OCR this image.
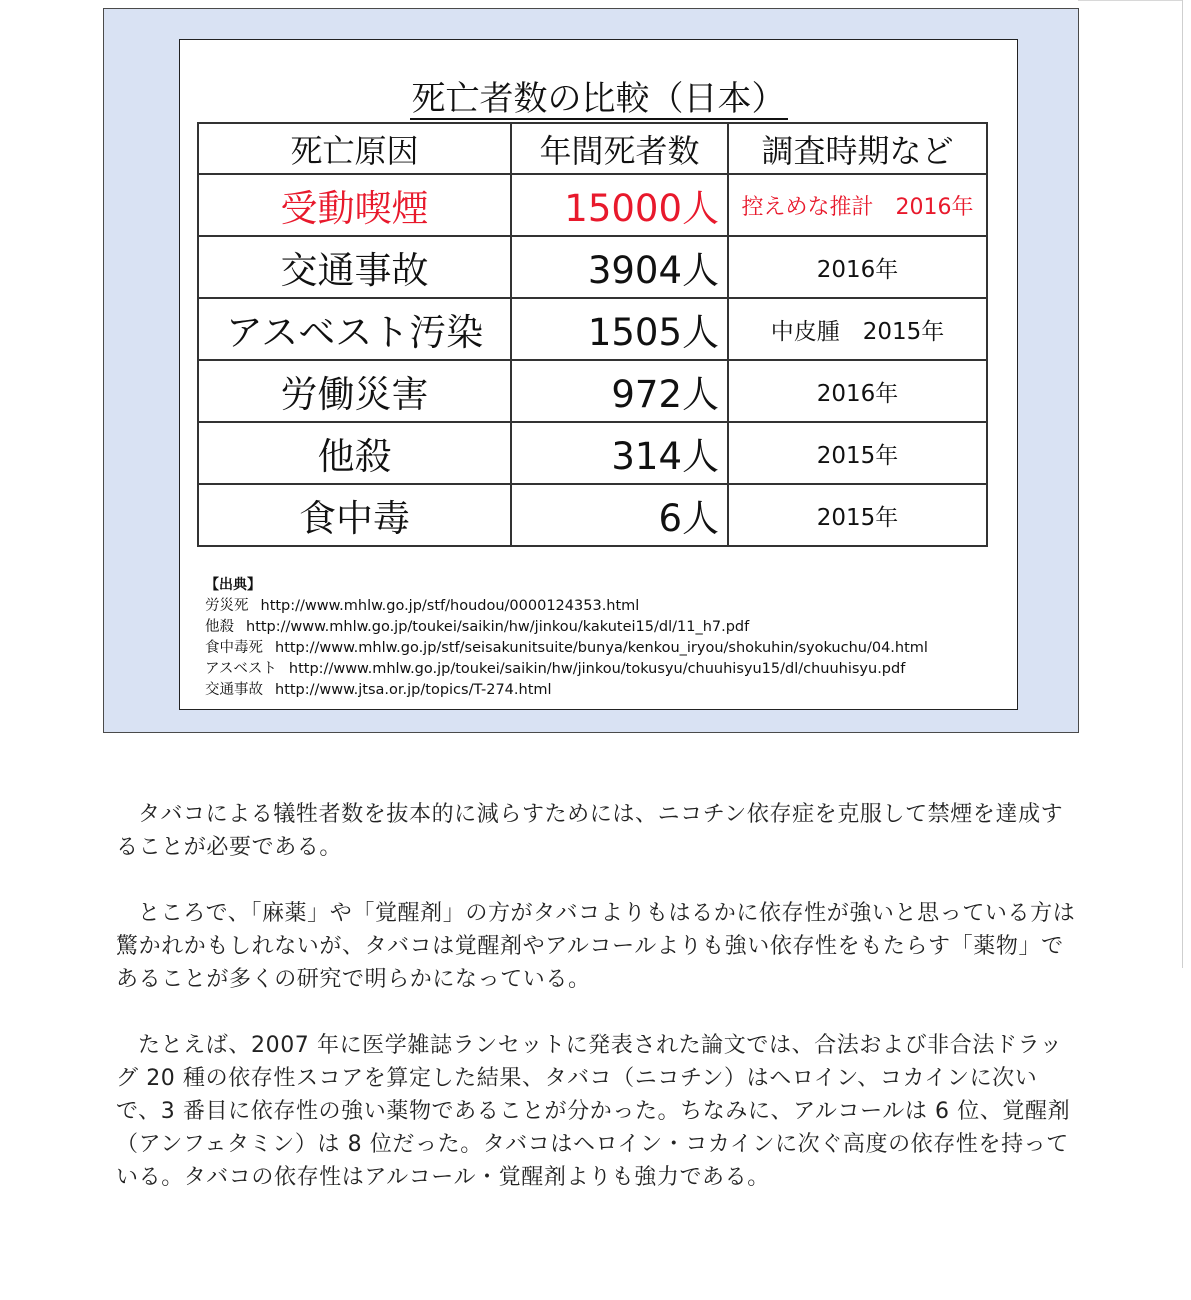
死亡者数の比較（日本）
死亡原因	年間死者数	調査時期など
受動喫煙	15000人	控えめな推計　2016年
交通事故	3904人	2016年
アスベスト汚染	1505人	中皮腫　2015年
労働災害	972人	2016年
他殺	314人	2015年
食中毒	6人	2015年
【出典】
労災死 http://www.mhlw.go.jp/stf/houdou/0000124353.html
他殺 http://www.mhlw.go.jp/toukei/saikin/hw/jinkou/kakutei15/dl/11_h7.pdf
食中毒死 http://www.mhlw.go.jp/stf/seisakunitsuite/bunya/kenkou_iryou/shokuhin/syokuchu/04.html
アスベスト http://www.mhlw.go.jp/toukei/saikin/hw/jinkou/tokusyu/chuuhisyu15/dl/chuuhisyu.pdf
交通事故 http://www.jtsa.or.jp/topics/T-274.html

タバコによる犠牲者数を抜本的に減らすためには、ニコチン依存症を克服して禁煙を達成することが必要である。

ところで、「麻薬」や「覚醒剤」の方がタバコよりもはるかに依存性が強いと思っている方は驚かれかもしれないが、タバコは覚醒剤やアルコールよりも強い依存性をもたらす「薬物」であることが多くの研究で明らかになっている。

たとえば、2007 年に医学雑誌ランセットに発表された論文では、合法および非合法ドラッグ 20 種の依存性スコアを算定した結果、タバコ（ニコチン）はヘロイン、コカインに次いで、3 番目に依存性の強い薬物であることが分かった。ちなみに、アルコールは 6 位、覚醒剤（アンフェタミン）は 8 位だった。タバコはヘロイン・コカインに次ぐ高度の依存性を持っている。タバコの依存性はアルコール・覚醒剤よりも強力である。
